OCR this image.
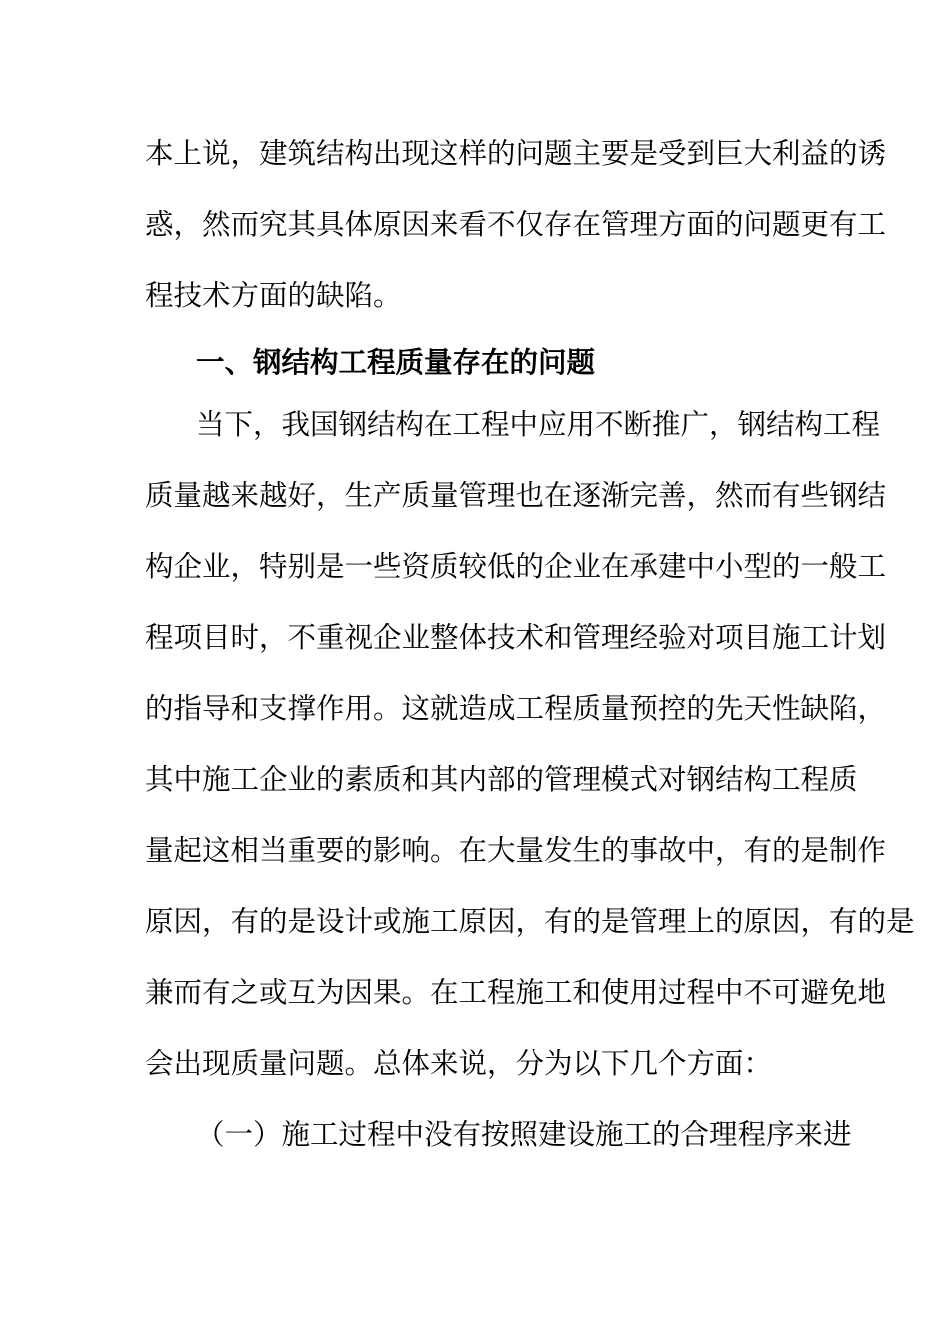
本上说，建筑结构出现这样的问题主要是受到巨大利益的诱
惑，然而究其具体原因来看不仅存在管理方面的问题更有工
程技术方面的缺陷。
一、钢结构工程质量存在的问题
当下，我国钢结构在工程中应用不断推广，钢结构工程
质量越来越好，生产质量管理也在逐渐完善，然而有些钢结
构企业，特别是一些资质较低的企业在承建中小型的一般工
程项目时，不重视企业整体技术和管理经验对项目施工计划
的指导和支撑作用。这就造成工程质量预控的先天性缺陷，
其中施工企业的素质和其内部的管理模式对钢结构工程质
量起这相当重要的影响。在大量发生的事故中，有的是制作
原因，有的是设计或施工原因，有的是管理上的原因，有的是
兼而有之或互为因果。在工程施工和使用过程中不可避免地
会出现质量问题。总体来说，分为以下几个方面：
（一）施工过程中没有按照建设施工的合理程序来进
